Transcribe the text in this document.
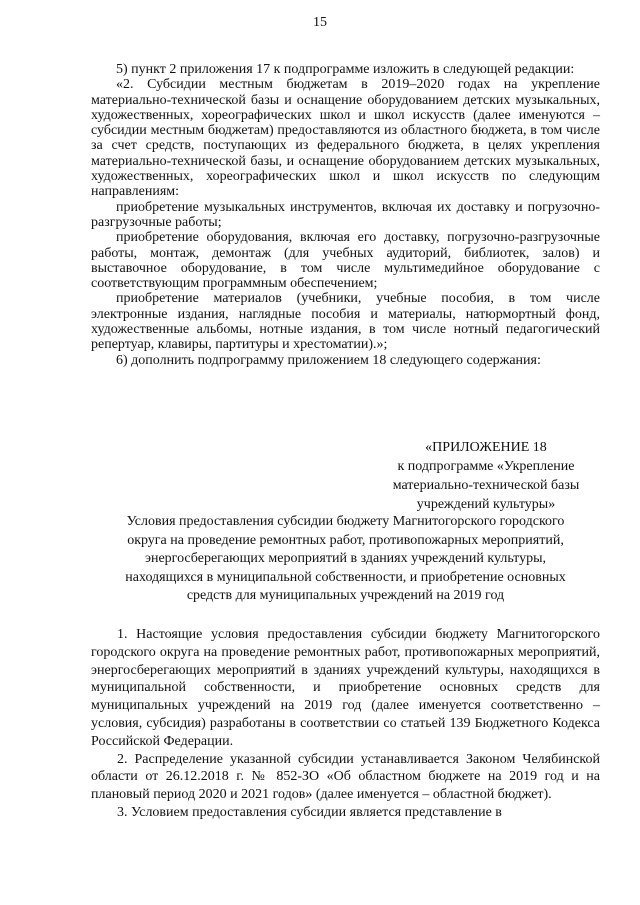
15

5) пункт 2 приложения 17 к подпрограмме изложить в следующей редакции:

«2. Субсидии местным бюджетам в 2019–2020 годах на укрепление материально-технической базы и оснащение оборудованием детских музыкальных, художественных, хореографических школ и школ искусств (далее именуются – субсидии местным бюджетам) предоставляются из областного бюджета, в том числе за счет средств, поступающих из федерального бюджета, в целях укрепления материально-технической базы, и оснащение оборудованием детских музыкальных, художественных, хореографических школ и школ искусств по следующим направлениям:

приобретение музыкальных инструментов, включая их доставку и погрузочно-разгрузочные работы;

приобретение оборудования, включая его доставку, погрузочно-разгрузочные работы, монтаж, демонтаж (для учебных аудиторий, библиотек, залов) и выставочное оборудование, в том числе мультимедийное оборудование с соответствующим программным обеспечением;

приобретение материалов (учебники, учебные пособия, в том числе электронные издания, наглядные пособия и материалы, натюрмортный фонд, художественные альбомы, нотные издания, в том числе нотный педагогический репертуар, клавиры, партитуры и хрестоматии).»;

6) дополнить подпрограмму приложением 18 следующего содержания:

«ПРИЛОЖЕНИЕ 18
к подпрограмме «Укрепление
материально-технической базы
учреждений культуры»
Условия предоставления субсидии бюджету Магнитогорского городского
округа на проведение ремонтных работ, противопожарных мероприятий,
энергосберегающих мероприятий в зданиях учреждений культуры,
находящихся в муниципальной собственности, и приобретение основных
средств для муниципальных учреждений на 2019 год

1. Настоящие условия предоставления субсидии бюджету Магнитогорского городского округа на проведение ремонтных работ, противопожарных мероприятий, энергосберегающих мероприятий в зданиях учреждений культуры, находящихся в муниципальной собственности, и приобретение основных средств для муниципальных учреждений на 2019 год (далее именуется соответственно – условия, субсидия) разработаны в соответствии со статьей 139 Бюджетного Кодекса Российской Федерации.

2. Распределение указанной субсидии устанавливается Законом Челябинской области от 26.12.2018 г. № 852-ЗО «Об областном бюджете на 2019 год и на плановый период 2020 и 2021 годов» (далее именуется – областной бюджет).

3. Условием предоставления субсидии является представление в
